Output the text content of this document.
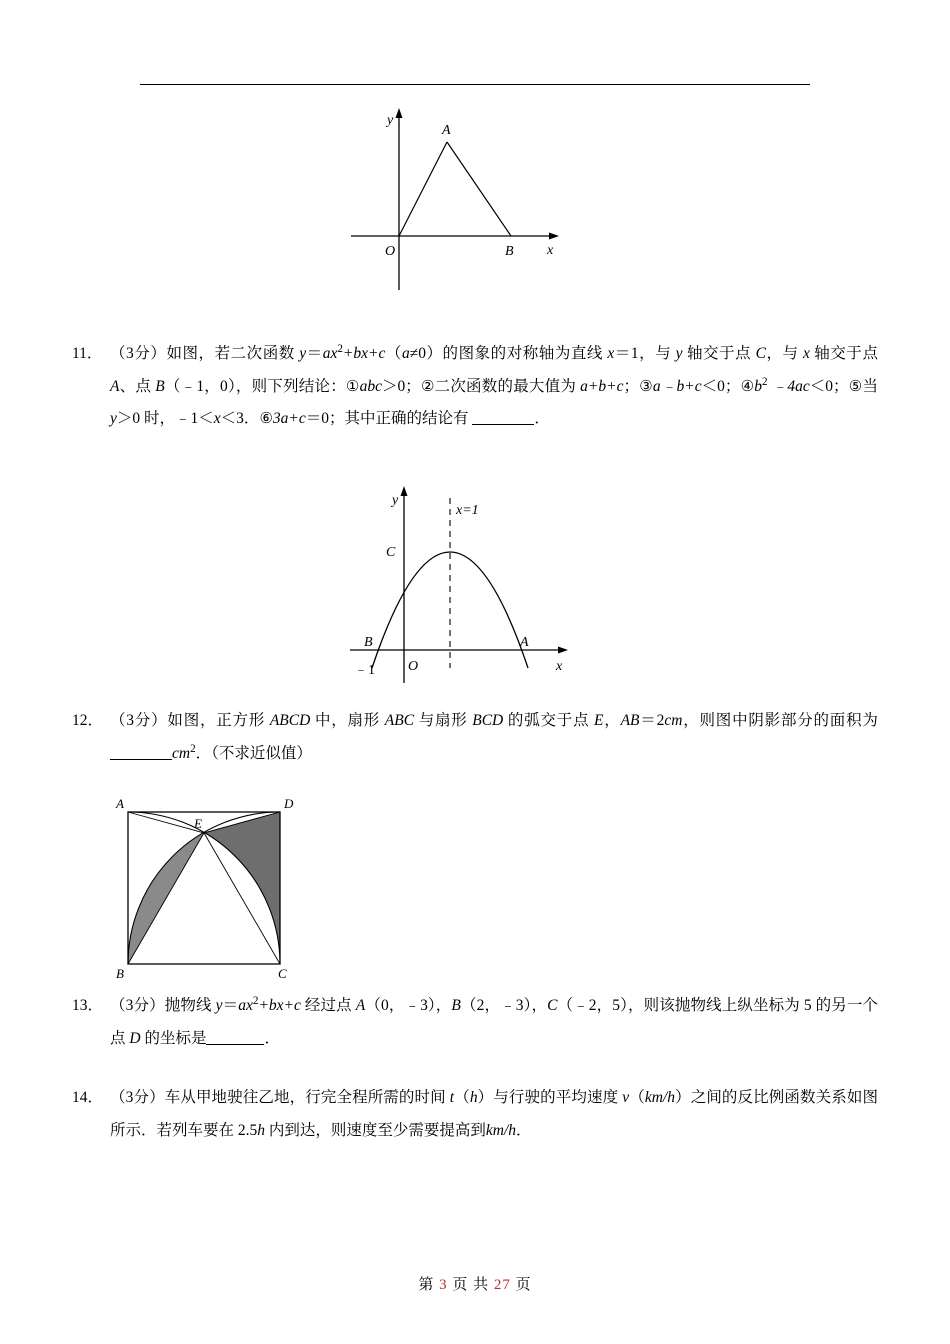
y
x
O
A
B
11． （3分）如图，若二次函数 $y=ax^2+bx+c(a\ne 0)$的图象的对称轴为直线 x＝1，与 y 轴交于点 C，与 x 轴交于点 A、点 B（﹣1，0），则下列结论：①abc＞0；②二次函数的最大值为 a+b+c；③a﹣b+c＜0；$④b^2$ ﹣4ac＜0；⑤当 y＞0 时，﹣1＜x＜3．⑥3a+c＝0；其中正确的结论有	．
y
x
O
C
B	A
﹣1
x=1
12． （3分）如图，正方形 ABCD 中，扇形 ABC 与扇形 BCD 的弧交于点 E，AB＝2cm，则图中阴影部分的面积为 $cm^2$．（不求近似值）
A	D
B	C
E
13． （3分）抛物线 $y=ax^2+bx+c$ 经过点 A（0，﹣3），B（2，﹣3），C（﹣2，5），则该抛物线上纵坐标为 5 的另一个点 D 的坐标是	．
14． （3分）车从甲地驶往乙地，行完全程所需的时间 t（h）与行驶的平均速度 v（km/h）之间的反比例函数关系如图所示．若列车要在 2.5h 内到达，则速度至少需要提高到km/h．
第 3 页 共 27 页
